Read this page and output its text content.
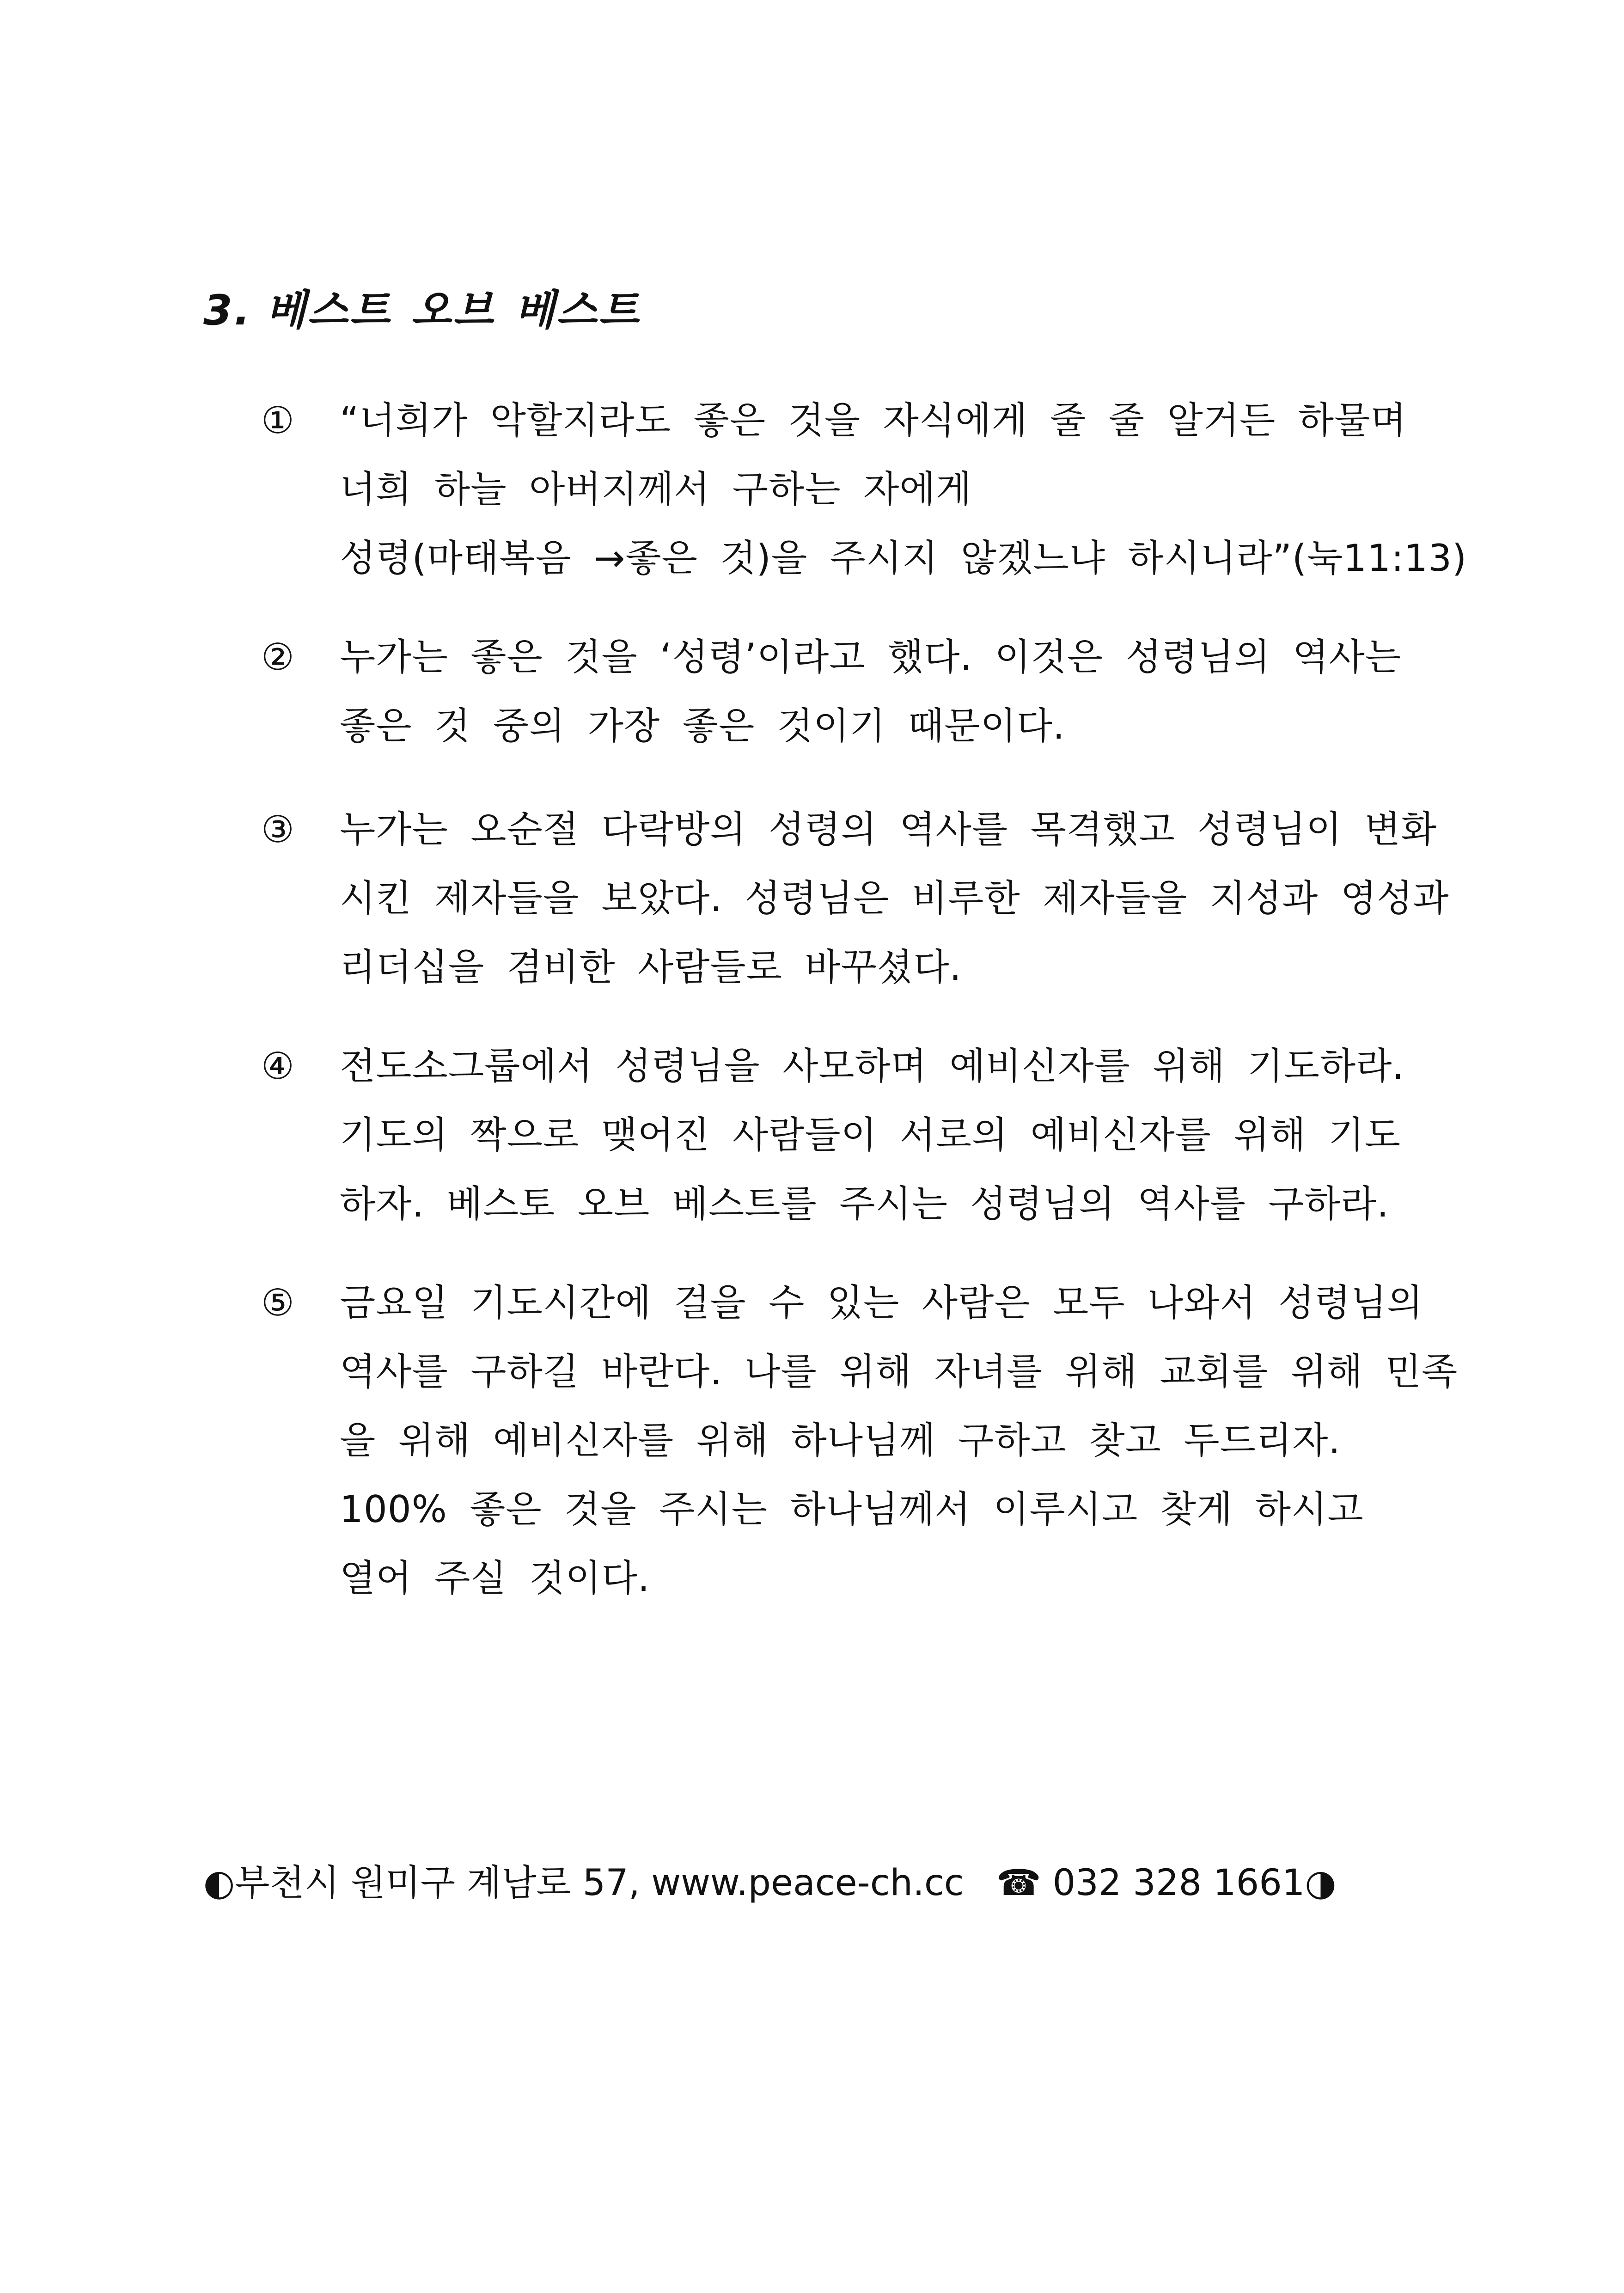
3. 베스트 오브 베스트
① “너희가 악할지라도 좋은 것을 자식에게 줄 줄 알거든 하물며
너희 하늘 아버지께서 구하는 자에게
성령(마태복음 →좋은 것)을 주시지 않겠느냐 하시니라”(눅11:13)
② 누가는 좋은 것을 ‘성령’이라고 했다. 이것은 성령님의 역사는
좋은 것 중의 가장 좋은 것이기 때문이다.
③ 누가는 오순절 다락방의 성령의 역사를 목격했고 성령님이 변화
시킨 제자들을 보았다. 성령님은 비루한 제자들을 지성과 영성과
리더십을 겸비한 사람들로 바꾸셨다.
④ 전도소그룹에서 성령님을 사모하며 예비신자를 위해 기도하라.
기도의 짝으로 맺어진 사람들이 서로의 예비신자를 위해 기도
하자. 베스토 오브 베스트를 주시는 성령님의 역사를 구하라.
⑤ 금요일 기도시간에 걸을 수 있는 사람은 모두 나와서 성령님의
역사를 구하길 바란다. 나를 위해 자녀를 위해 교회를 위해 민족
을 위해 예비신자를 위해 하나님께 구하고 찾고 두드리자.
100% 좋은 것을 주시는 하나님께서 이루시고 찾게 하시고
열어 주실 것이다.
◐부천시 원미구 계남로 57, www.peace-ch.cc ☎ 032 328 1661◑
